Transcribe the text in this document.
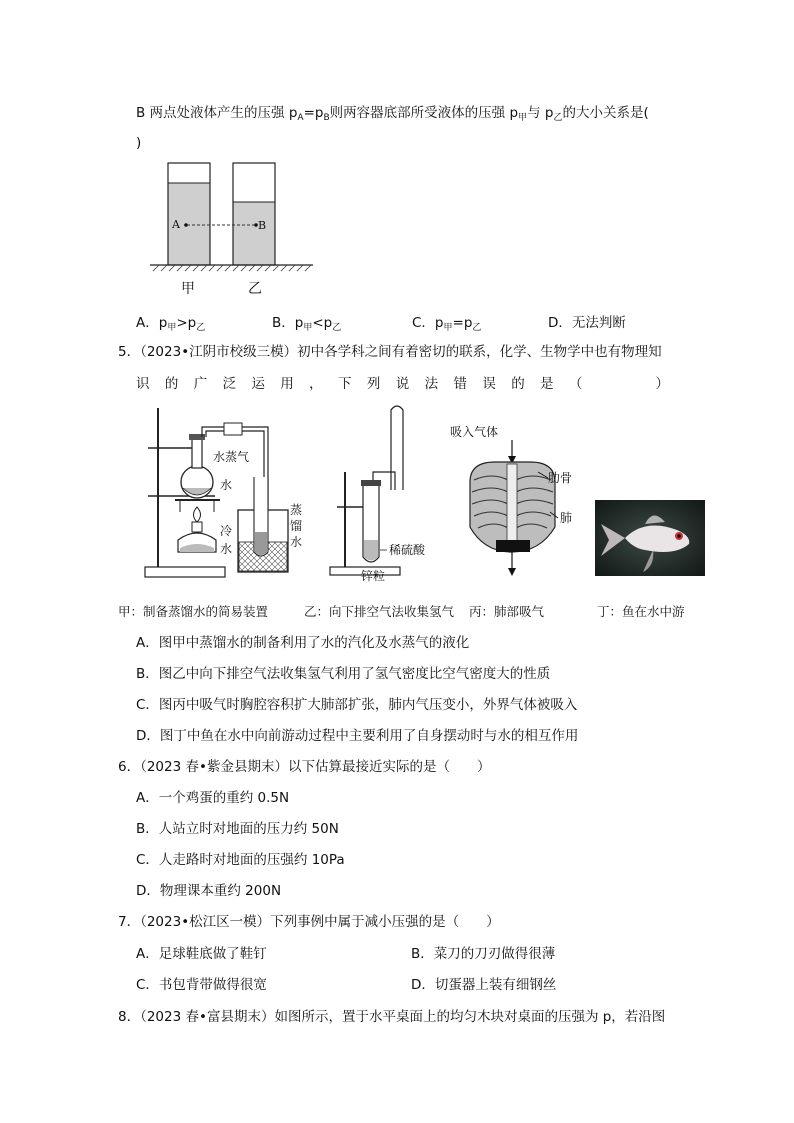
B 两点处液体产生的压强 $p_A=p_B$则两容器底部所受液体的压强 $p_甲$与 $p_乙$的大小关系是(
)
A	B
甲	乙
A．$p_甲>p_乙$	B．$p_甲<p_乙$	C．$p_甲=p_乙$	D．无法判断
5．（2023•江阴市校级三模）初中各学科之间有着密切的联系，化学、生物学中也有物理知
识的广泛运用，下列说法错误的是（　　）
水蒸气
水
冷
水
蒸
馏
水
稀硫酸
锌粒
吸入气体
肋骨
肺
甲：制备蒸馏水的简易装置	乙：向下排空气法收集氢气 丙：肺部吸气	丁：鱼在水中游
A．图甲中蒸馏水的制备利用了水的汽化及水蒸气的液化
B．图乙中向下排空气法收集氢气利用了氢气密度比空气密度大的性质
C．图丙中吸气时胸腔容积扩大肺部扩张，肺内气压变小，外界气体被吸入
D．图丁中鱼在水中向前游动过程中主要利用了自身摆动时与水的相互作用
6．（2023 春•紫金县期末）以下估算最接近实际的是（　　）
A．一个鸡蛋的重约 0.5N
B．人站立时对地面的压力约 50N
C．人走路时对地面的压强约 10Pa
D．物理课本重约 200N
7．（2023•松江区一模）下列事例中属于减小压强的是（　　）
A．足球鞋底做了鞋钉	B．菜刀的刀刃做得很薄
C．书包背带做得很宽	D．切蛋器上装有细钢丝
8．（2023 春•富县期末）如图所示，置于水平桌面上的均匀木块对桌面的压强为 p，若沿图
